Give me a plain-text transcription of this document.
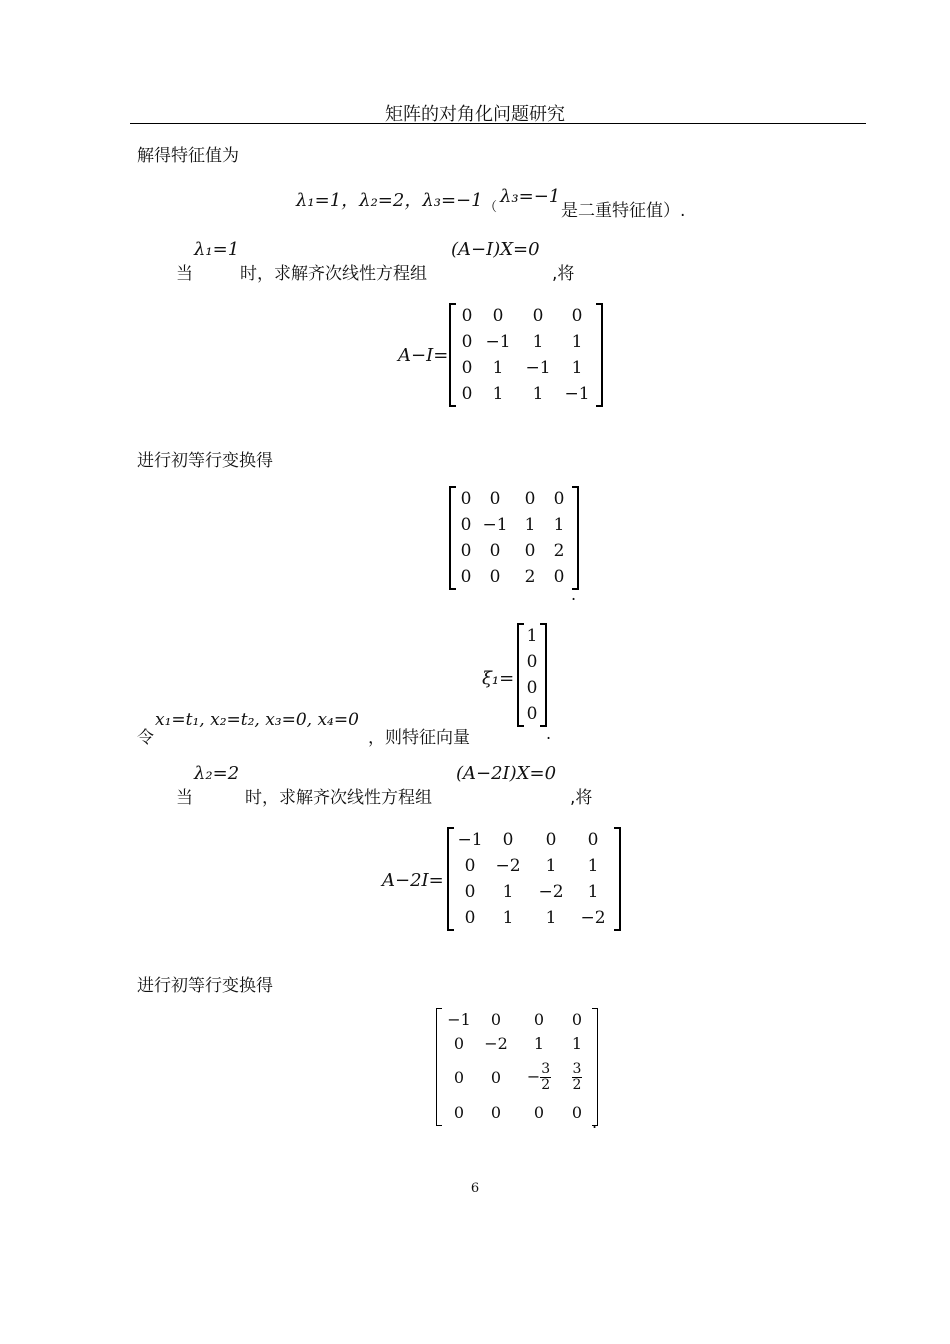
矩阵的对角化问题研究
解得特征值为
λ₁=1，λ₂=2，λ₃=−1 （
λ₃=−1
是二重特征值）.
当
λ₁=1
时，求解齐次线性方程组
(A−I)X=0
,将
A−I=
0	0	0	0
0	−1	1	1
0	1	−1	1
0	1	1	−1
进行初等行变换得
0	0	0	0
0	−1	1	1
0	0	0	2
0	0	2	0
.
令
x₁=t₁, x₂=t₂, x₃=0, x₄=0
，则特征向量
ξ₁=
1
0
0
0
.
当
λ₂=2
时，求解齐次线性方程组
(A−2I)X=0
,将
A−2I=
−1	0	0	0
0	−2	1	1
0	1	−2	1
0	1	1	−2
进行初等行变换得
−1	0	0	0
0	−2	1	1
0	0	− $\frac{3}{2}$	$\frac{3}{2}$

0	0	0	0
.
6
